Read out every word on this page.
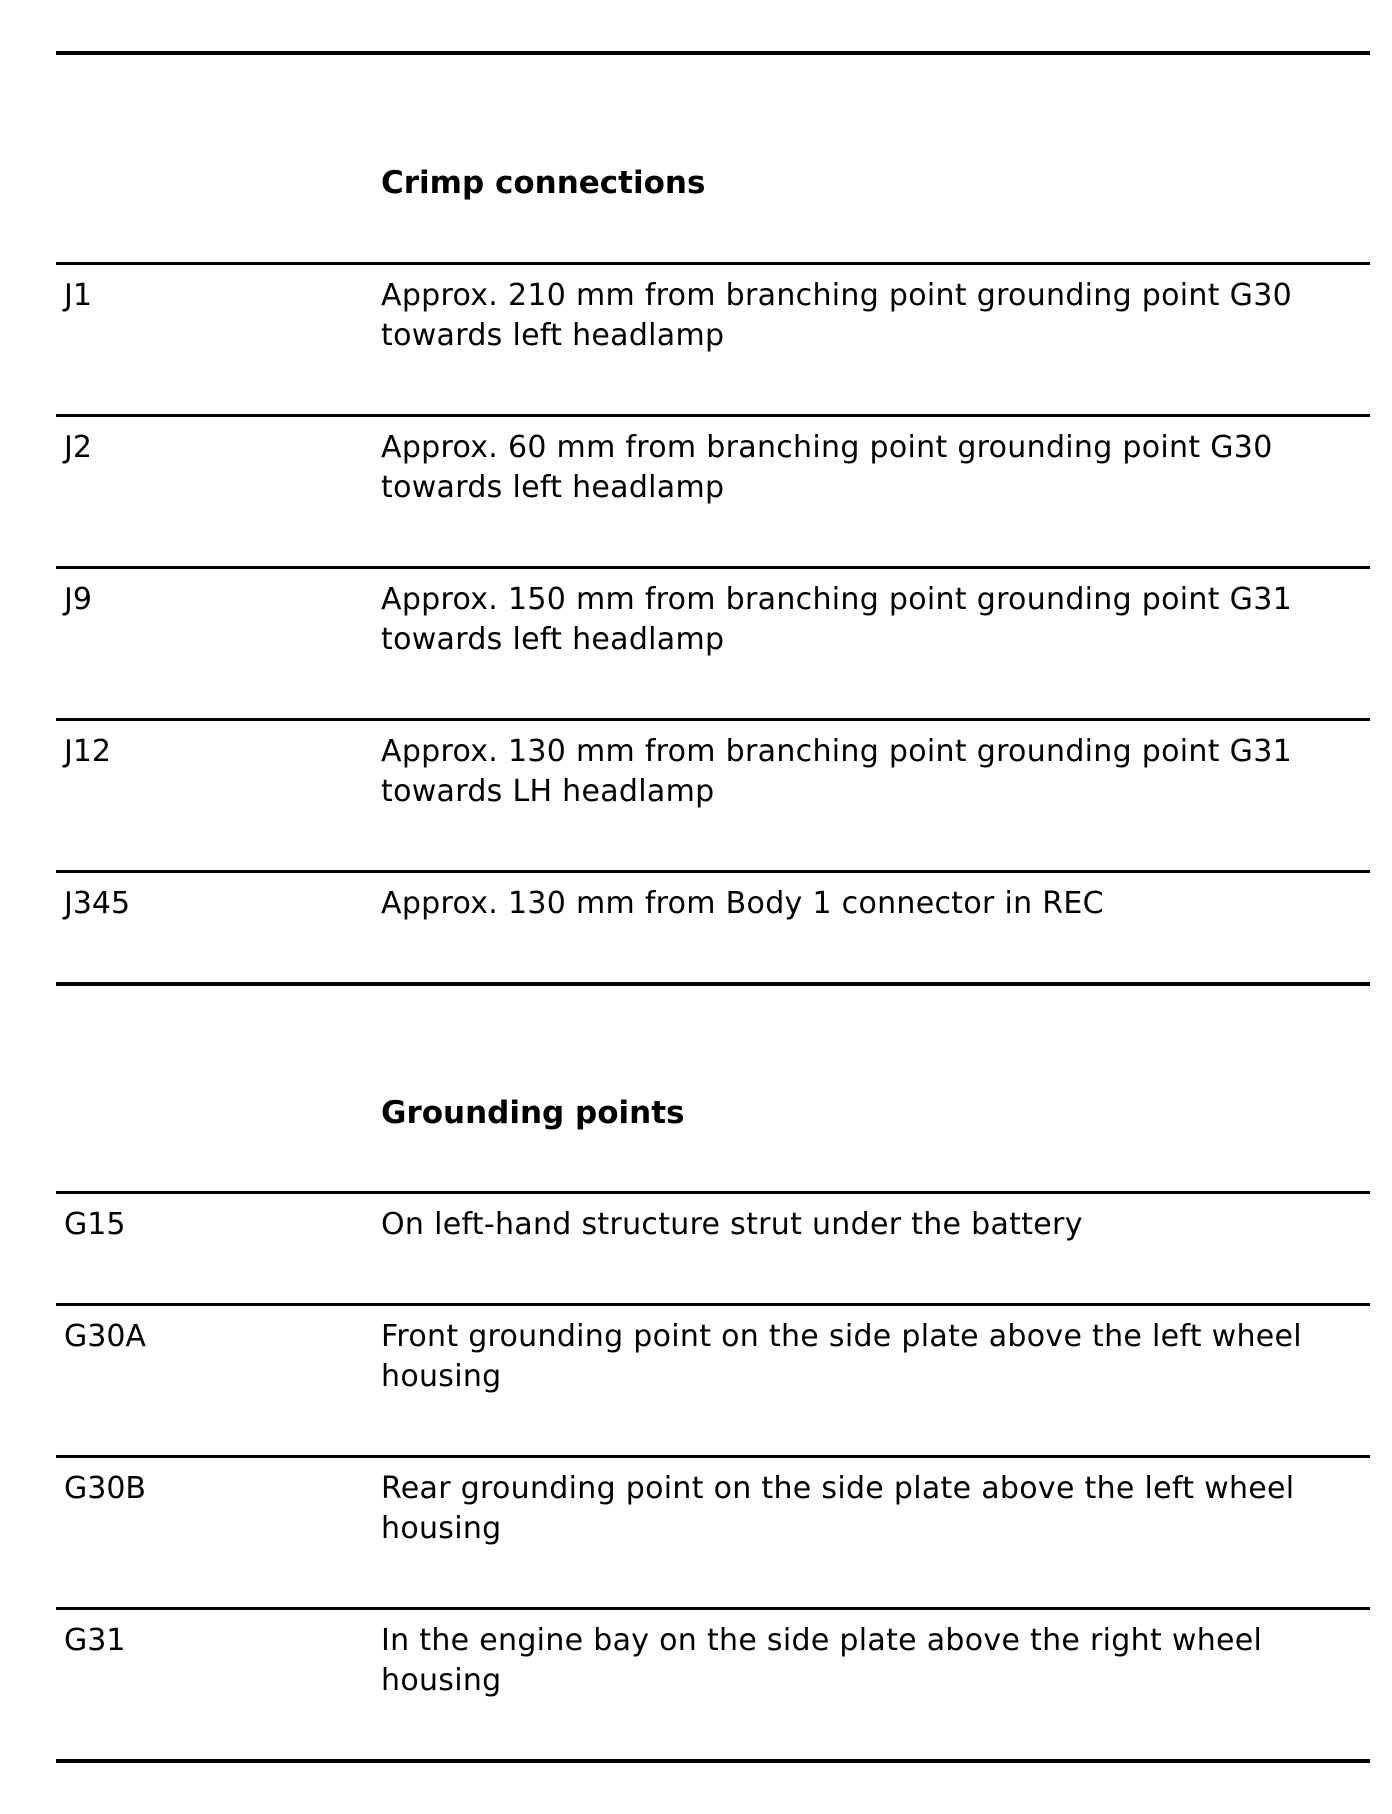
Crimp connections
J1	Approx. 210 mm from branching point grounding point G30 towards left headlamp
J2	Approx. 60 mm from branching point grounding point G30 towards left headlamp
J9	Approx. 150 mm from branching point grounding point G31 towards left headlamp
J12	Approx. 130 mm from branching point grounding point G31 towards LH headlamp
J345	Approx. 130 mm from Body 1 connector in REC
Grounding points
G15	On left-hand structure strut under the battery
G30A	Front grounding point on the side plate above the left wheel housing
G30B	Rear grounding point on the side plate above the left wheel housing
G31	In the engine bay on the side plate above the right wheel housing
